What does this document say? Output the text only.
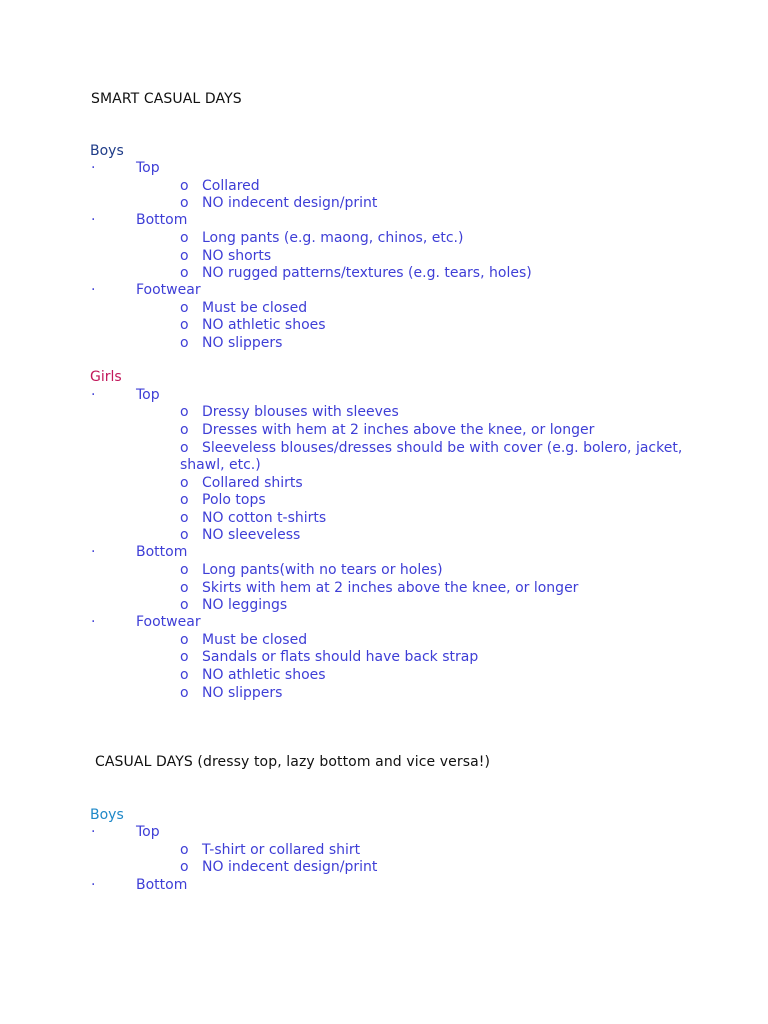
SMART CASUAL DAYS
Boys
·	Top
o Collared
o NO indecent design/print
·	Bottom
o Long pants (e.g. maong, chinos, etc.)
o NO shorts
o NO rugged patterns/textures (e.g. tears, holes)
·	Footwear
o Must be closed
o NO athletic shoes
o NO slippers
Girls
·	Top
o Dressy blouses with sleeves
o Dresses with hem at 2 inches above the knee, or longer
o Sleeveless blouses/dresses should be with cover (e.g. bolero, jacket,
shawl, etc.)
o Collared shirts
o Polo tops
o NO cotton t-shirts
o NO sleeveless
·	Bottom
o Long pants(with no tears or holes)
o Skirts with hem at 2 inches above the knee, or longer
o NO leggings
·	Footwear
o Must be closed
o Sandals or flats should have back strap
o NO athletic shoes
o NO slippers
CASUAL DAYS (dressy top, lazy bottom and vice versa!)
Boys
·	Top
o T-shirt or collared shirt
o NO indecent design/print
·	Bottom
